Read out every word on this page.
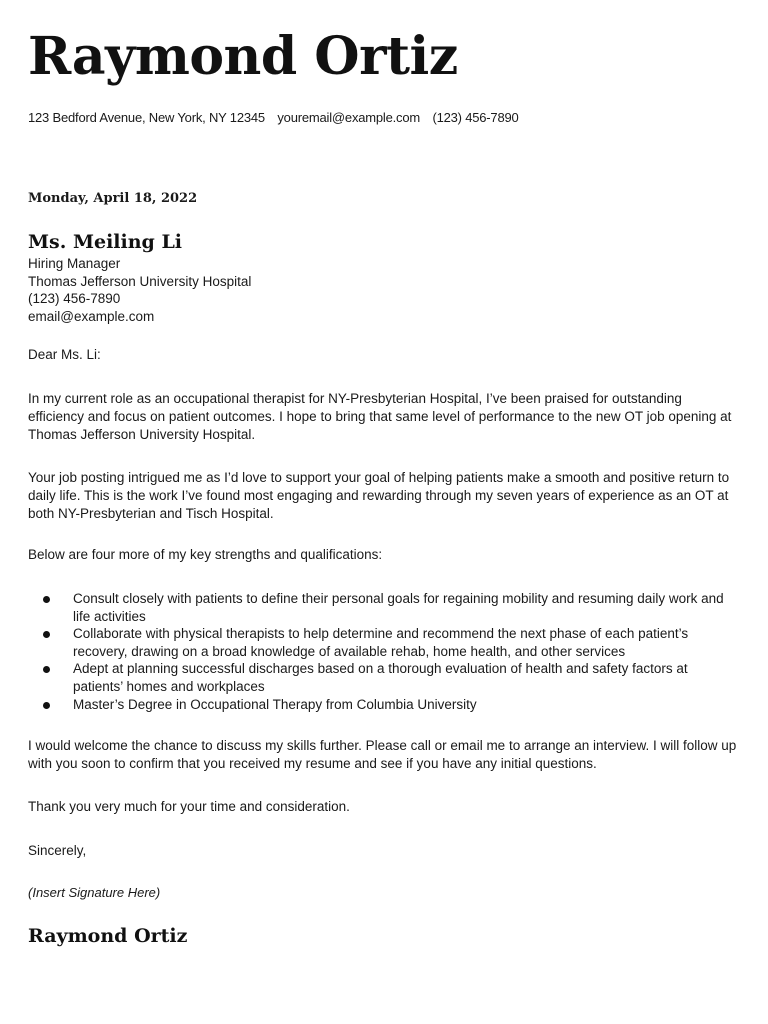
Raymond Ortiz
123 Bedford Avenue, New York, NY 12345 youremail@example.com (123) 456-7890
Monday, April 18, 2022
Ms. Meiling Li
Hiring Manager
Thomas Jefferson University Hospital
(123) 456-7890
email@example.com

Dear Ms. Li:

In my current role as an occupational therapist for NY-Presbyterian Hospital, I’ve been praised for outstanding efficiency and focus on patient outcomes. I hope to bring that same level of performance to the new OT job opening at Thomas Jefferson University Hospital.

Your job posting intrigued me as I’d love to support your goal of helping patients make a smooth and positive return to daily life. This is the work I’ve found most engaging and rewarding through my seven years of experience as an OT at both NY-Presbyterian and Tisch Hospital.

Below are four more of my key strengths and qualifications:

Consult closely with patients to define their personal goals for regaining mobility and resuming daily work and life activities
Collaborate with physical therapists to help determine and recommend the next phase of each patient’s recovery, drawing on a broad knowledge of available rehab, home health, and other services
Adept at planning successful discharges based on a thorough evaluation of health and safety factors at patients’ homes and workplaces
Master’s Degree in Occupational Therapy from Columbia University

I would welcome the chance to discuss my skills further. Please call or email me to arrange an interview. I will follow up with you soon to confirm that you received my resume and see if you have any initial questions.

Thank you very much for your time and consideration.

Sincerely,

(Insert Signature Here)
Raymond Ortiz
